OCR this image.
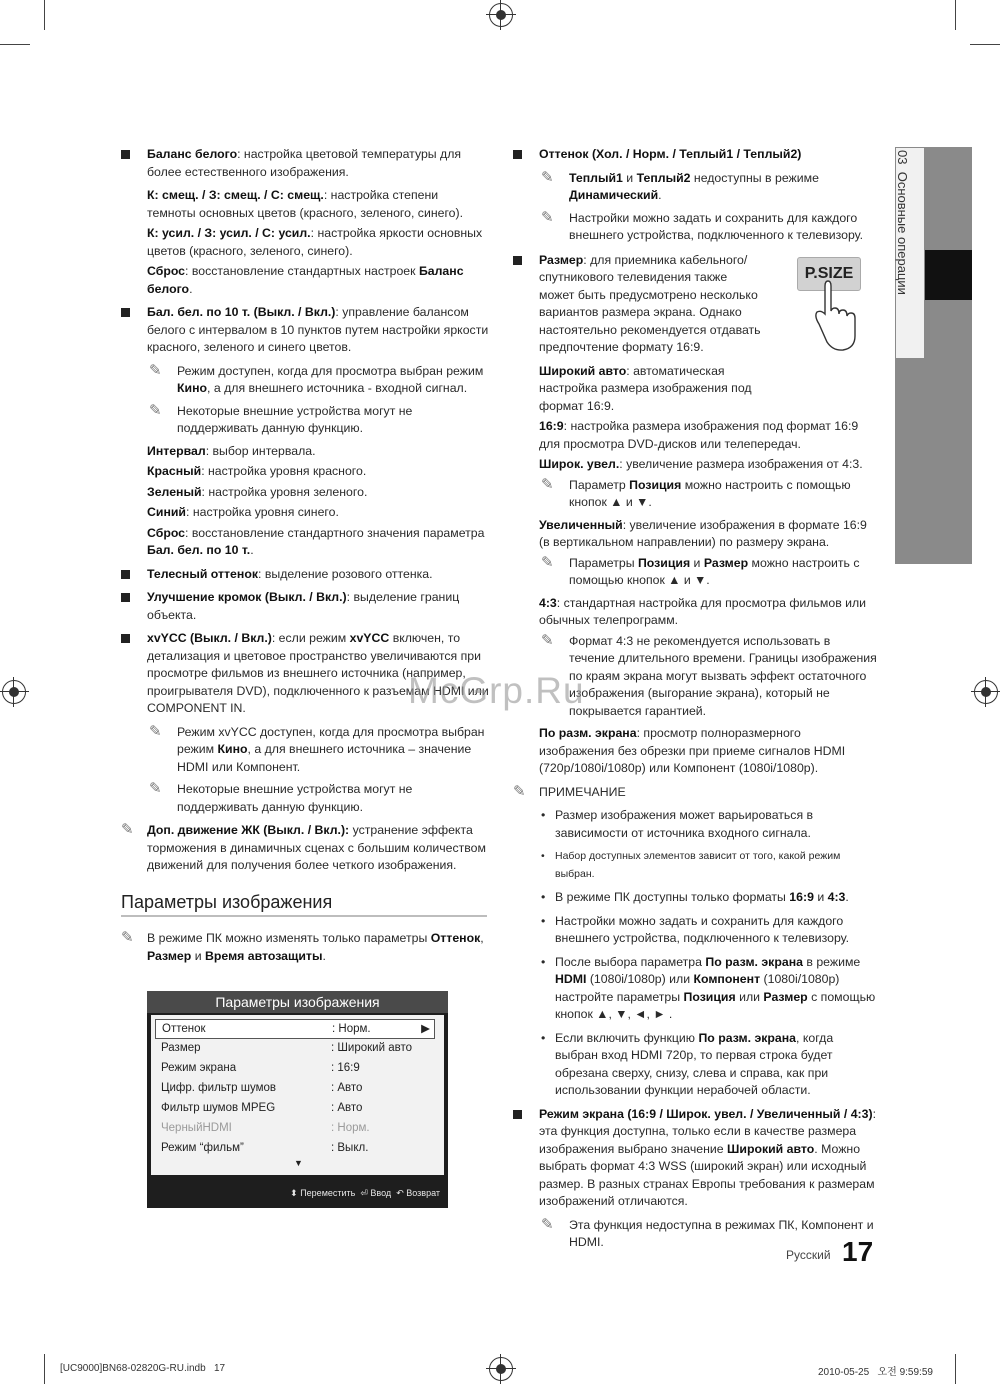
Баланс белого: настройка цветовой температуры для более естественного изображения.

К: смещ. / З: смещ. / С: смещ.: настройка степени темноты основных цветов (красного, зеленого, синего).

К: усил. / З: усил. / С: усил.: настройка яркости основных цветов (красного, зеленого, синего).

Сброс: восстановление стандартных настроек Баланс белого.

Бал. бел. по 10 т. (Выкл. / Вкл.): управление балансом белого с интервалом в 10 пунктов путем настройки яркости красного, зеленого и синего цветов.

✎ Режим доступен, когда для просмотра выбран режим Кино, а для внешнего источника - входной сигнал.

✎ Некоторые внешние устройства могут не поддерживать данную функцию.

Интервал: выбор интервала.

Красный: настройка уровня красного.

Зеленый: настройка уровня зеленого.

Синий: настройка уровня синего.

Сброс: восстановление стандартного значения параметра Бал. бел. по 10 т..

Телесный оттенок: выделение розового оттенка.

Улучшение кромок (Выкл. / Вкл.): выделение границ объекта.

xvYCC (Выкл. / Вкл.): если режим xvYCC включен, то детализация и цветовое пространство увеличиваются при просмотре фильмов из внешнего источника (например, проигрывателя DVD), подключенного к разъемам HDMI или COMPONENT IN.

✎ Режим xvYCC доступен, когда для просмотра выбран режим Кино, а для внешнего источника – значение HDMI или Компонент.

✎ Некоторые внешние устройства могут не поддерживать данную функцию.

✎ Доп. движение ЖК (Выкл. / Вкл.): устранение эффекта торможения в динамичных сценах с большим количеством движений для получения более четкого изображения.

Параметры изображения
✎ В режиме ПК можно изменять только параметры Оттенок, Размер и Время автозащиты.

Параметры изображения
Оттенок	: Норм.	▶
Размер	: Широкий авто
Режим экрана	: 16:9
Цифр. фильтр шумов	: Авто
Фильтр шумов MPEG	: Авто
ЧерныйHDMI	: Норм.
Режим “фильм”	: Выкл.
▼
⬍ Переместить  ⏎ Ввод  ↶ Возврат

Оттенок (Хол. / Норм. / Теплый1 / Теплый2)

✎ Теплый1 и Теплый2 недоступны в режиме Динамический.

✎ Настройки можно задать и сохранить для каждого внешнего устройства, подключенного к телевизору.

Размер: для приемника кабельного/спутникового телевидения также может быть предусмотрено несколько вариантов размера экрана. Однако настоятельно рекомендуется отдавать предпочтение формату 16:9.

Широкий авто: автоматическая настройка размера изображения под формат 16:9.

16:9: настройка размера изображения под формат 16:9 для просмотра DVD-дисков или телепередач.

Широк. увел.: увеличение размера изображения от 4:3.

✎ Параметр Позиция можно настроить с помощью кнопок ▲ и ▼.

Увеличенный: увеличение изображения в формате 16:9 (в вертикальном направлении) по размеру экрана.

✎ Параметры Позиция и Размер можно настроить с помощью кнопок ▲ и ▼.

4:3: стандартная настройка для просмотра фильмов или обычных телепрограмм.

✎ Формат 4:3 не рекомендуется использовать в течение длительного времени. Границы изображения по краям экрана могут вызвать эффект остаточного изображения (выгорание экрана), который не покрывается гарантией.

По разм. экрана: просмотр полноразмерного изображения без обрезки при приеме сигналов HDMI (720p/1080i/1080p) или Компонент (1080i/1080p).

✎ ПРИМЕЧАНИЕ

• Размер изображения может варьироваться в зависимости от источника входного сигнала.

• Набор доступных элементов зависит от того, какой режим выбран.

• В режиме ПК доступны только форматы 16:9 и 4:3.

• Настройки можно задать и сохранить для каждого внешнего устройства, подключенного к телевизору.

• После выбора параметра По разм. экрана в режиме HDMI (1080i/1080p) или Компонент (1080i/1080p) настройте параметры Позиция или Размер с помощью кнопок ▲, ▼, ◄, ► .

• Если включить функцию По разм. экрана, когда выбран вход HDMI 720p, то первая строка будет обрезана сверху, снизу, слева и справа, как при использовании функции нерабочей области.

Режим экрана (16:9 / Широк. увел. / Увеличенный / 4:3): эта функция доступна, только если в качестве размера изображения выбрано значение Широкий авто. Можно выбрать формат 4:3 WSS (широкий экран) или исходный размер. В разных странах Европы требования к размерам изображений отличаются.

✎ Эта функция недоступна в режимах ПК, Компонент и HDMI.

P.SIZE
03  Основные операции
McGrp.Ru
Русский 17
[UC9000]BN68-02820G-RU.indb   17	2010-05-25   오전 9:59:59
